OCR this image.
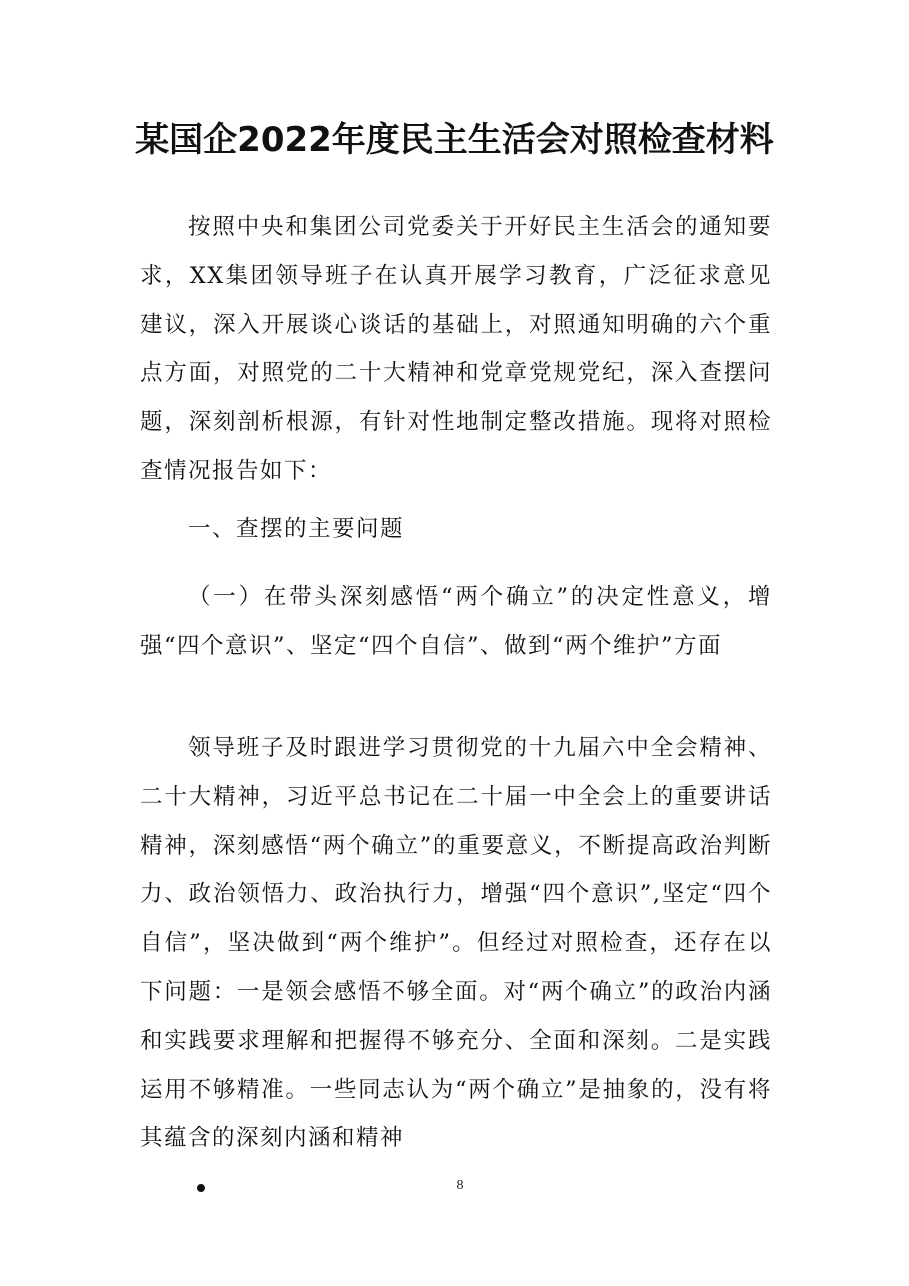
某国企2022年度民主生活会对照检查材料

按照中央和集团公司党委关于开好民主生活会的通知要求，XX集团领导班子在认真开展学习教育，广泛征求意见建议，深入开展谈心谈话的基础上，对照通知明确的六个重点方面，对照党的二十大精神和党章党规党纪，深入查摆问题，深刻剖析根源，有针对性地制定整改措施。现将对照检查情况报告如下：

一、查摆的主要问题

（一）在带头深刻感悟“两个确立”的决定性意义，增强“四个意识”、坚定“四个自信”、做到“两个维护”方面

领导班子及时跟进学习贯彻党的十九届六中全会精神、二十大精神，习近平总书记在二十届一中全会上的重要讲话精神，深刻感悟“两个确立”的重要意义，不断提高政治判断力、政治领悟力、政治执行力，增强“四个意识”,坚定“四个自信”，坚决做到“两个维护”。但经过对照检查，还存在以下问题：一是领会感悟不够全面。对“两个确立”的政治内涵和实践要求理解和把握得不够充分、全面和深刻。二是实践运用不够精准。一些同志认为“两个确立”是抽象的，没有将其蕴含的深刻内涵和精神

8
